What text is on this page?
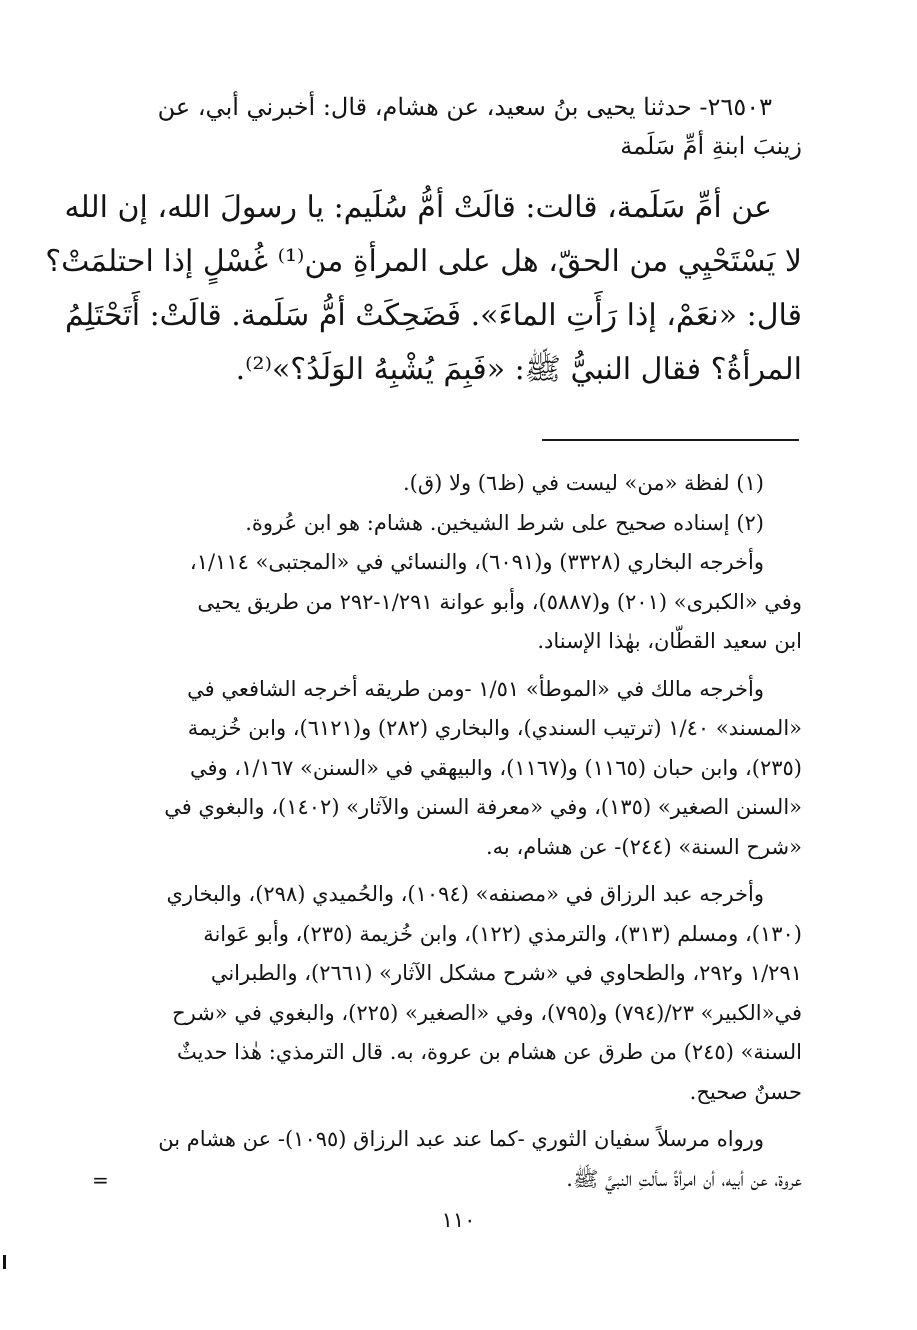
٢٦٥٠٣- حدثنا يحيى بنُ سعيد، عن هشام، قال: أخبرني أبي، عن
زينبَ ابنةِ أمِّ سَلَمة
عن أمِّ سَلَمة، قالت: قالَتْ أمُّ سُلَيم: يا رسولَ الله، إن الله
لا يَسْتَحْيِي من الحقّ، هل على المرأةِ من⁽¹⁾ غُسْلٍ إذا احتلمَتْ؟
قال: «نعَمْ، إذا رَأَتِ الماءَ». فَضَحِكَتْ أمُّ سَلَمة. قالَتْ: أَتَحْتَلِمُ
المرأةُ؟ فقال النبيُّ ﷺ: «فَبِمَ يُشْبِهُ الوَلَدُ؟»⁽²⁾.
(١) لفظة «من» ليست في (ظ٦) ولا (ق).
(٢) إسناده صحيح على شرط الشيخين. هشام: هو ابن عُروة.
وأخرجه البخاري (٣٣٢٨) و(٦٠٩١)، والنسائي في «المجتبى» ١/١١٤،
وفي «الكبرى» (٢٠١) و(٥٨٨٧)، وأبو عوانة ١/٢٩١-٢٩٢ من طريق يحيى
ابن سعيد القطّان، بهٰذا الإسناد.
وأخرجه مالك في «الموطأ» ١/٥١ -ومن طريقه أخرجه الشافعي في
«المسند» ١/٤٠ (ترتيب السندي)، والبخاري (٢٨٢) و(٦١٢١)، وابن خُزيمة
(٢٣٥)، وابن حبان (١١٦٥) و(١١٦٧)، والبيهقي في «السنن» ١/١٦٧، وفي
«السنن الصغير» (١٣٥)، وفي «معرفة السنن والآثار» (١٤٠٢)، والبغوي في
«شرح السنة» (٢٤٤)- عن هشام، به.
وأخرجه عبد الرزاق في «مصنفه» (١٠٩٤)، والحُميدي (٢٩٨)، والبخاري
(١٣٠)، ومسلم (٣١٣)، والترمذي (١٢٢)، وابن خُزيمة (٢٣٥)، وأبو عَوانة
١/٢٩١ و٢٩٢، والطحاوي في «شرح مشكل الآثار» (٢٦٦١)، والطبراني
في«الكبير» ٢٣/(٧٩٤) و(٧٩٥)، وفي «الصغير» (٢٢٥)، والبغوي في «شرح
السنة» (٢٤٥) من طرق عن هشام بن عروة، به. قال الترمذي: هٰذا حديثٌ
حسنٌ صحيح.
ورواه مرسلاً سفيان الثوري -كما عند عبد الرزاق (١٠٩٥)- عن هشام بن
عروة، عن أبيه، أن امرأةً سألتِ النبيَّ ﷺ.
=
١١٠
